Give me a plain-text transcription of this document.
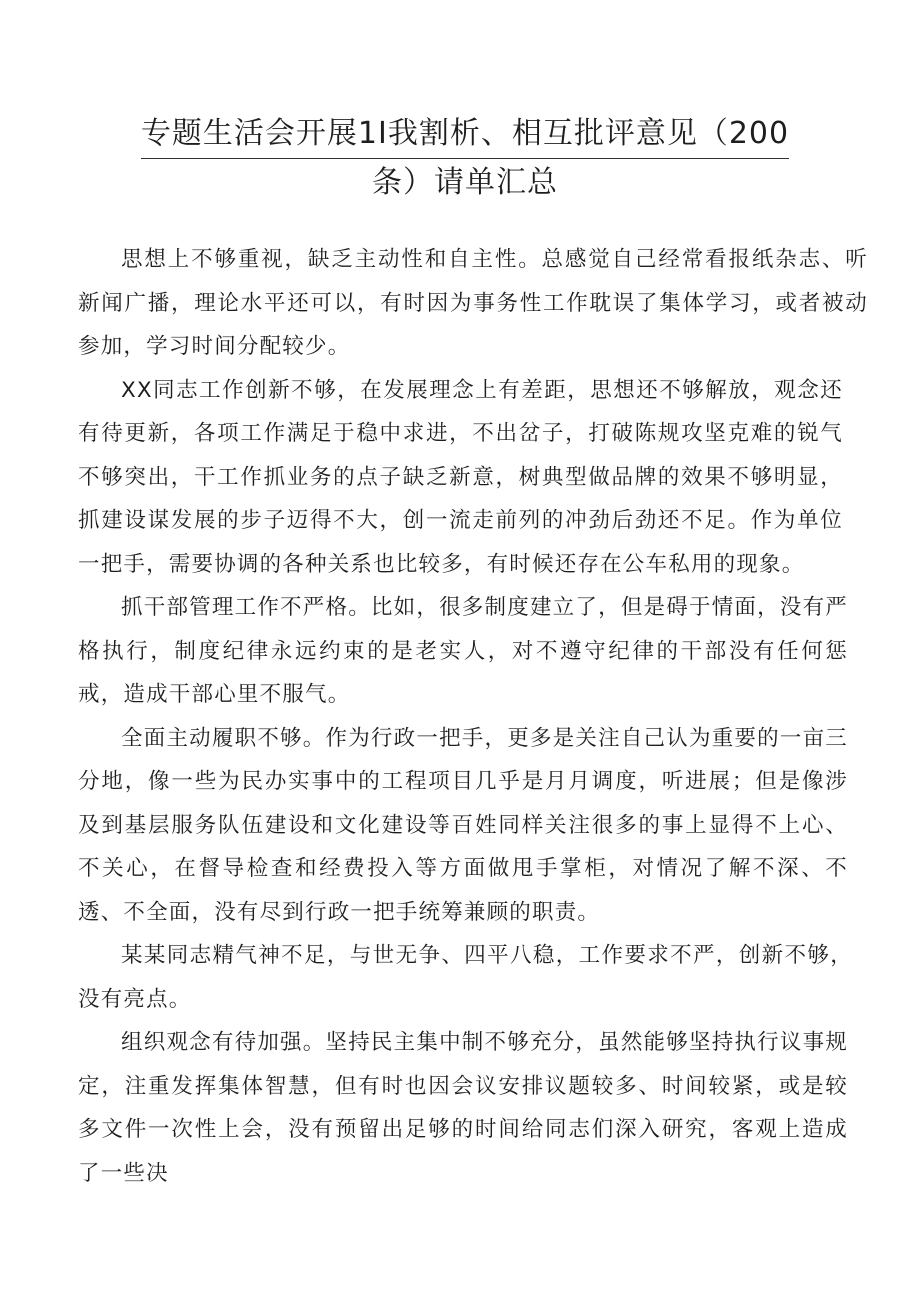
专题生活会开展1I我割析、相互批评意见（200
条）请单汇总

思想上不够重视，缺乏主动性和自主性。总感觉自己经常看报纸杂志、听新闻广播，理论水平还可以，有时因为事务性工作耽误了集体学习，或者被动参加，学习时间分配较少。

XX同志工作创新不够，在发展理念上有差距，思想还不够解放，观念还有待更新，各项工作满足于稳中求进，不出岔子，打破陈规攻坚克难的锐气不够突出，干工作抓业务的点子缺乏新意，树典型做品牌的效果不够明显，抓建设谋发展的步子迈得不大，创一流走前列的冲劲后劲还不足。作为单位一把手，需要协调的各种关系也比较多，有时候还存在公车私用的现象。

抓干部管理工作不严格。比如，很多制度建立了，但是碍于情面，没有严格执行，制度纪律永远约束的是老实人，对不遵守纪律的干部没有任何惩戒，造成干部心里不服气。

全面主动履职不够。作为行政一把手，更多是关注自己认为重要的一亩三分地，像一些为民办实事中的工程项目几乎是月月调度，听进展；但是像涉及到基层服务队伍建设和文化建设等百姓同样关注很多的事上显得不上心、不关心，在督导检查和经费投入等方面做甩手掌柜，对情况了解不深、不透、不全面，没有尽到行政一把手统筹兼顾的职责。

某某同志精气神不足，与世无争、四平八稳，工作要求不严，创新不够，没有亮点。

组织观念有待加强。坚持民主集中制不够充分，虽然能够坚持执行议事规定，注重发挥集体智慧，但有时也因会议安排议题较多、时间较紧，或是较多文件一次性上会，没有预留出足够的时间给同志们深入研究，客观上造成了一些决
